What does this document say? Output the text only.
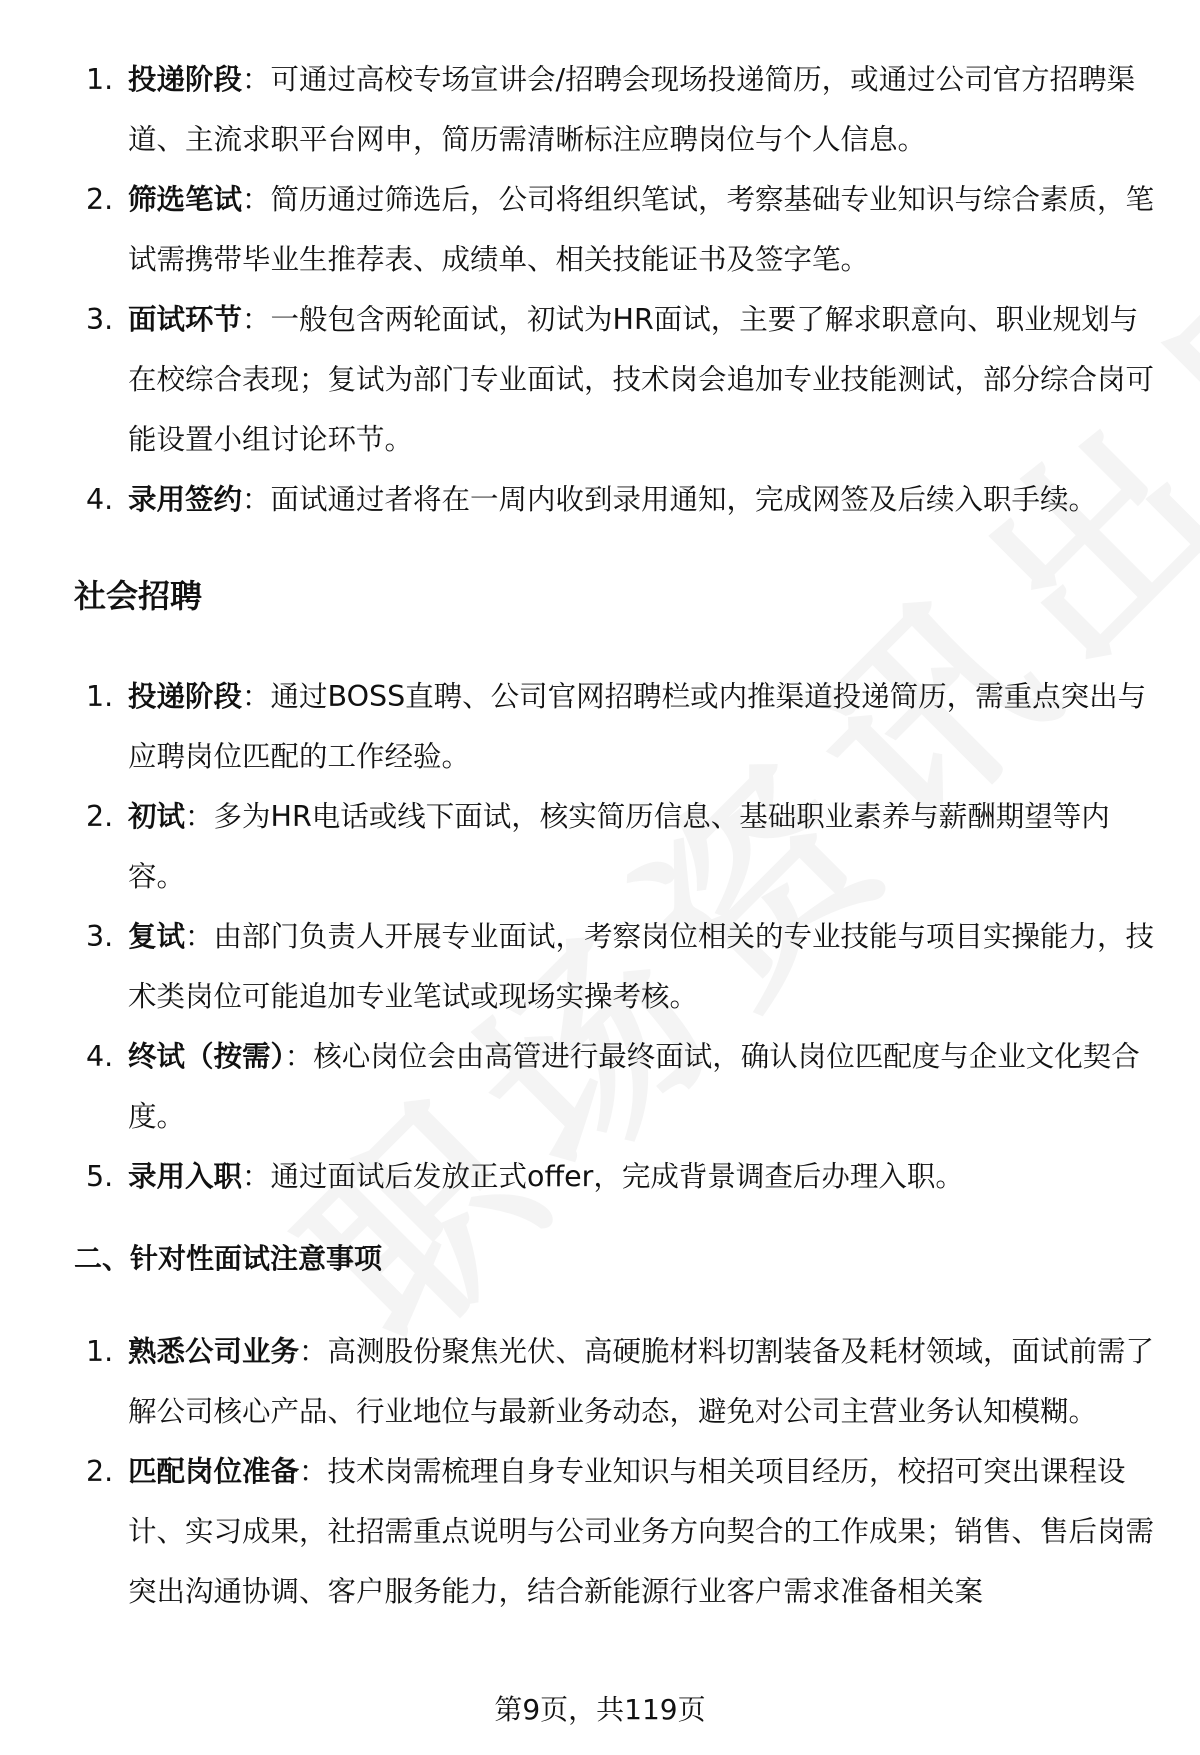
1. 投递阶段：可通过高校专场宣讲会/招聘会现场投递简历，或通过公司官方招聘渠道、主流求职平台网申，简历需清晰标注应聘岗位与个人信息。
2. 筛选笔试：简历通过筛选后，公司将组织笔试，考察基础专业知识与综合素质，笔试需携带毕业生推荐表、成绩单、相关技能证书及签字笔。
3. 面试环节：一般包含两轮面试，初试为HR面试，主要了解求职意向、职业规划与在校综合表现；复试为部门专业面试，技术岗会追加专业技能测试，部分综合岗可能设置小组讨论环节。
4. 录用签约：面试通过者将在一周内收到录用通知，完成网签及后续入职手续。
社会招聘
1. 投递阶段：通过BOSS直聘、公司官网招聘栏或内推渠道投递简历，需重点突出与应聘岗位匹配的工作经验。
2. 初试：多为HR电话或线下面试，核实简历信息、基础职业素养与薪酬期望等内容。
3. 复试：由部门负责人开展专业面试，考察岗位相关的专业技能与项目实操能力，技术类岗位可能追加专业笔试或现场实操考核。
4. 终试（按需）：核心岗位会由高管进行最终面试，确认岗位匹配度与企业文化契合度。
5. 录用入职：通过面试后发放正式offer，完成背景调查后办理入职。
二、针对性面试注意事项
1. 熟悉公司业务：高测股份聚焦光伏、高硬脆材料切割装备及耗材领域，面试前需了解公司核心产品、行业地位与最新业务动态，避免对公司主营业务认知模糊。
2. 匹配岗位准备：技术岗需梳理自身专业知识与相关项目经历，校招可突出课程设计、实习成果，社招需重点说明与公司业务方向契合的工作成果；销售、售后岗需突出沟通协调、客户服务能力，结合新能源行业客户需求准备相关案
第9页，共119页
